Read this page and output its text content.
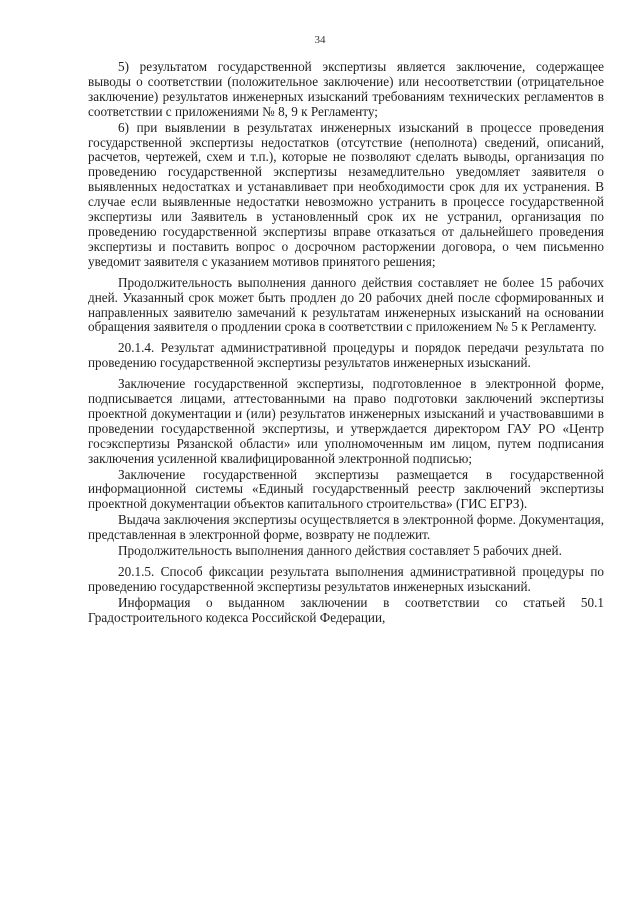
34

5) результатом государственной экспертизы является заключение, содержащее выводы о соответствии (положительное заключение) или несоответствии (отрицательное заключение) результатов инженерных изысканий требованиям технических регламентов в соответствии с приложениями № 8, 9 к Регламенту;

6) при выявлении в результатах инженерных изысканий в процессе проведения государственной экспертизы недостатков (отсутствие (неполнота) сведений, описаний, расчетов, чертежей, схем и т.п.), которые не позволяют сделать выводы, организация по проведению государственной экспертизы незамедлительно уведомляет заявителя о выявленных недостатках и устанавливает при необходимости срок для их устранения. В случае если выявленные недостатки невозможно устранить в процессе государственной экспертизы или Заявитель в установленный срок их не устранил, организация по проведению государственной экспертизы вправе отказаться от дальнейшего проведения экспертизы и поставить вопрос о досрочном расторжении договора, о чем письменно уведомит заявителя с указанием мотивов принятого решения;

Продолжительность выполнения данного действия составляет не более 15 рабочих дней. Указанный срок может быть продлен до 20 рабочих дней после сформированных и направленных заявителю замечаний к результатам инженерных изысканий на основании обращения заявителя о продлении срока в соответствии с приложением № 5 к Регламенту.

20.1.4. Результат административной процедуры и порядок передачи результата по проведению государственной экспертизы результатов инженерных изысканий.

Заключение государственной экспертизы, подготовленное в электронной форме, подписывается лицами, аттестованными на право подготовки заключений экспертизы проектной документации и (или) результатов инженерных изысканий и участвовавшими в проведении государственной экспертизы, и утверждается директором ГАУ РО «Центр госэкспертизы Рязанской области» или уполномоченным им лицом, путем подписания заключения усиленной квалифицированной электронной подписью;

Заключение государственной экспертизы размещается в государственной информационной системы «Единый государственный реестр заключений экспертизы проектной документации объектов капитального строительства» (ГИС ЕГРЗ).

Выдача заключения экспертизы осуществляется в электронной форме. Документация, представленная в электронной форме, возврату не подлежит.

Продолжительность выполнения данного действия составляет 5 рабочих дней.

20.1.5. Способ фиксации результата выполнения административной процедуры по проведению государственной экспертизы результатов инженерных изысканий.

Информация о выданном заключении в соответствии со статьей 50.1 Градостроительного кодекса Российской Федерации,
